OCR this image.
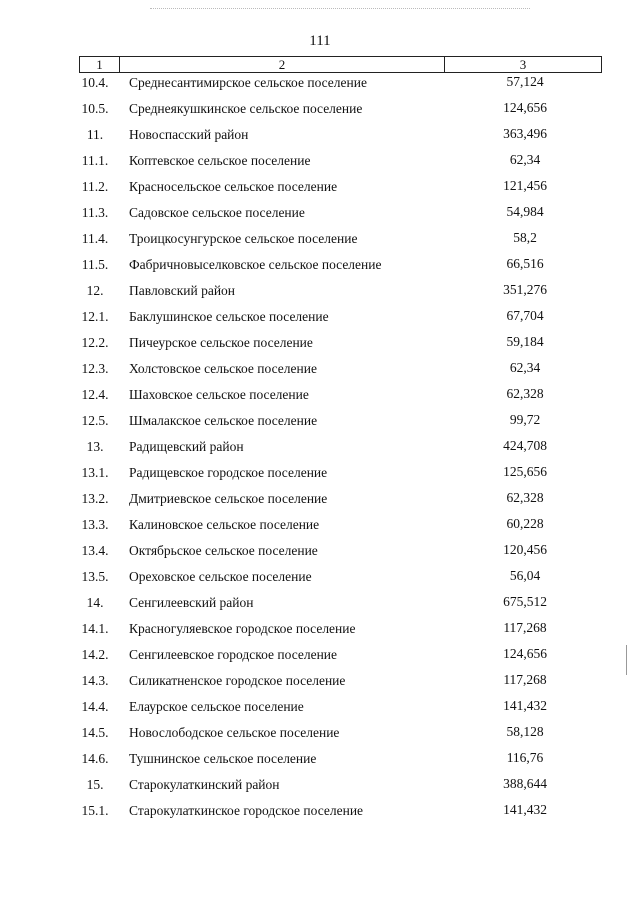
111
1	2	3
10.4.	Среднесантимирское сельское поселение	57,124
10.5.	Среднеякушкинское сельское поселение	124,656
11.	Новоспасский район	363,496
11.1.	Коптевское сельское поселение	62,34
11.2.	Красносельское сельское поселение	121,456
11.3.	Садовское сельское поселение	54,984
11.4.	Троицкосунгурское сельское поселение	58,2
11.5.	Фабричновыселковское сельское поселение	66,516
12.	Павловский район	351,276
12.1.	Баклушинское сельское поселение	67,704
12.2.	Пичеурское сельское поселение	59,184
12.3.	Холстовское сельское поселение	62,34
12.4.	Шаховское сельское поселение	62,328
12.5.	Шмалакское сельское поселение	99,72
13.	Радищевский район	424,708
13.1.	Радищевское городское поселение	125,656
13.2.	Дмитриевское сельское поселение	62,328
13.3.	Калиновское сельское поселение	60,228
13.4.	Октябрьское сельское поселение	120,456
13.5.	Ореховское сельское поселение	56,04
14.	Сенгилеевский район	675,512
14.1.	Красногуляевское городское поселение	117,268
14.2.	Сенгилеевское городское поселение	124,656
14.3.	Силикатненское городское поселение	117,268
14.4.	Елаурское сельское поселение	141,432
14.5.	Новослободское сельское поселение	58,128
14.6.	Тушнинское сельское поселение	116,76
15.	Старокулаткинский район	388,644
15.1.	Старокулаткинское городское поселение	141,432
